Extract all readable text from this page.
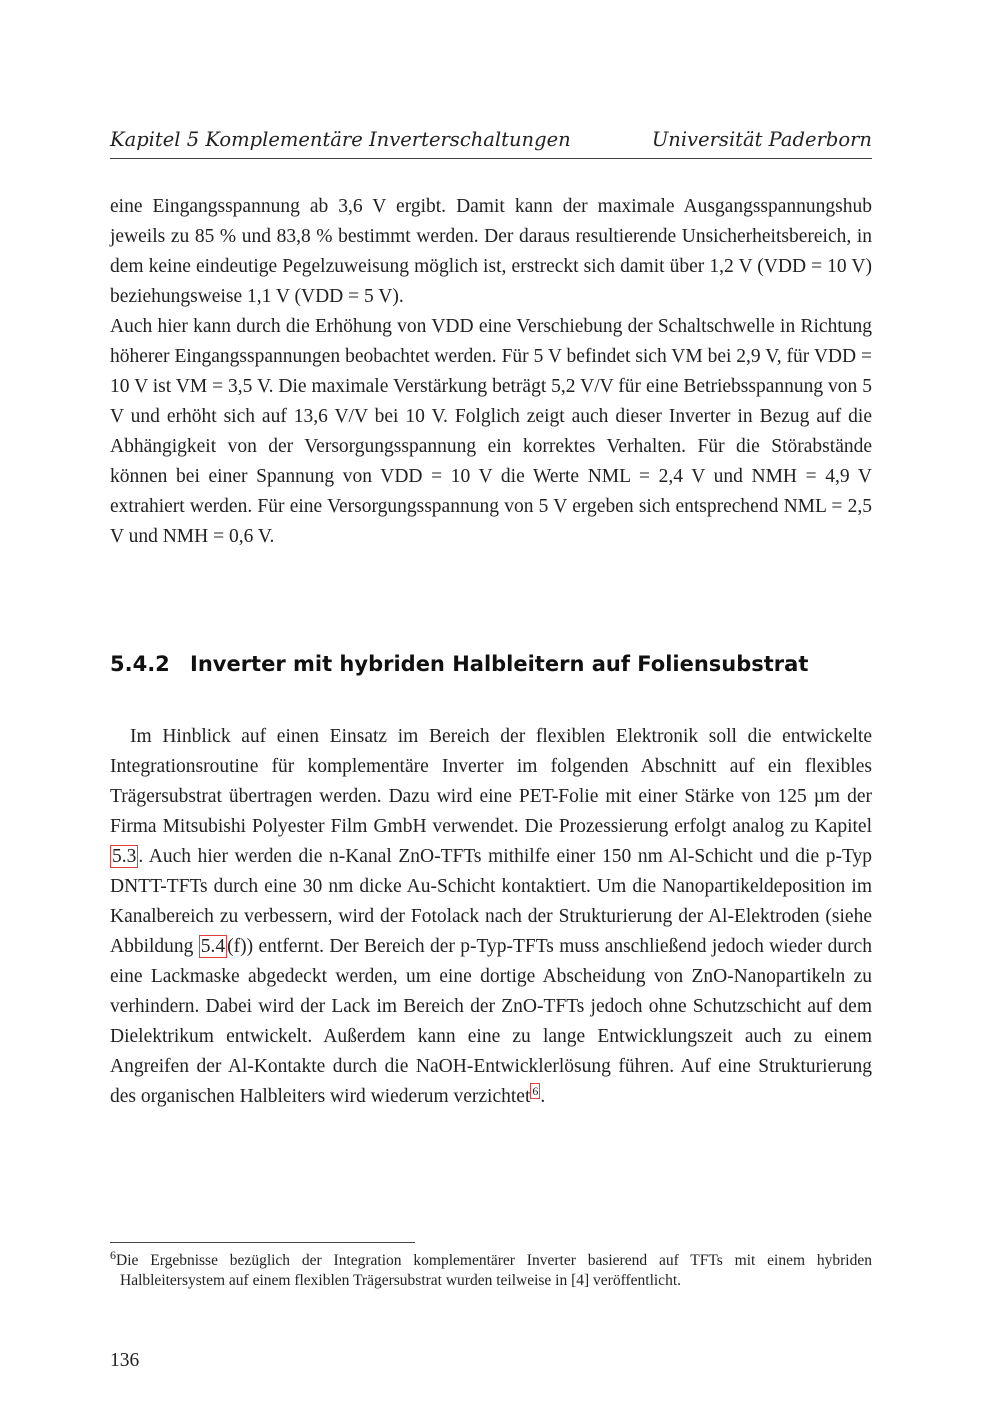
Kapitel 5 Komplementäre Inverterschaltungen	Universität Paderborn
eine Eingangsspannung ab 3,6 V ergibt. Damit kann der maximale Ausgangsspannungshub jeweils zu 85 % und 83,8 % bestimmt werden. Der daraus resultierende Unsicherheitsbereich, in dem keine eindeutige Pegelzuweisung möglich ist, erstreckt sich damit über 1,2 V (VDD = 10 V) beziehungsweise 1,1 V (VDD = 5 V).
Auch hier kann durch die Erhöhung von VDD eine Verschiebung der Schaltschwelle in Richtung höherer Eingangsspannungen beobachtet werden. Für 5 V befindet sich VM bei 2,9 V, für VDD = 10 V ist VM = 3,5 V. Die maximale Verstärkung beträgt 5,2 V/V für eine Betriebsspannung von 5 V und erhöht sich auf 13,6 V/V bei 10 V. Folglich zeigt auch dieser Inverter in Bezug auf die Abhängigkeit von der Versorgungsspannung ein korrektes Verhalten. Für die Störabstände können bei einer Spannung von VDD = 10 V die Werte NML = 2,4 V und NMH = 4,9 V extrahiert werden. Für eine Versorgungsspannung von 5 V ergeben sich entsprechend NML = 2,5 V und NMH = 0,6 V.
5.4.2 Inverter mit hybriden Halbleitern auf Foliensubstrat
Im Hinblick auf einen Einsatz im Bereich der flexiblen Elektronik soll die entwickelte Integrationsroutine für komplementäre Inverter im folgenden Abschnitt auf ein flexibles Trägersubstrat übertragen werden. Dazu wird eine PET-Folie mit einer Stärke von 125 µm der Firma Mitsubishi Polyester Film GmbH verwendet. Die Prozessierung erfolgt analog zu Kapitel 5.3 . Auch hier werden die n-Kanal ZnO-TFTs mithilfe einer 150 nm Al-Schicht und die p-Typ DNTT-TFTs durch eine 30 nm dicke Au-Schicht kontaktiert. Um die Nanopartikeldeposition im Kanalbereich zu verbessern, wird der Fotolack nach der Strukturierung der Al-Elektroden (siehe Abbildung 5.4 (f)) entfernt. Der Bereich der p-Typ-TFTs muss anschließend jedoch wieder durch eine Lackmaske abgedeckt werden, um eine dortige Abscheidung von ZnO-Nanopartikeln zu verhindern. Dabei wird der Lack im Bereich der ZnO-TFTs jedoch ohne Schutzschicht auf dem Dielektrikum entwickelt. Außerdem kann eine zu lange Entwicklungszeit auch zu einem Angreifen der Al-Kontakte durch die NaOH-Entwicklerlösung führen. Auf eine Strukturierung des organischen Halbleiters wird wiederum verzichtet $^6$ .
$^6$Die Ergebnisse bezüglich der Integration komplementärer Inverter basierend auf TFTs mit einem hybriden Halbleitersystem auf einem flexiblen Trägersubstrat wurden teilweise in [4] veröffentlicht.
136
